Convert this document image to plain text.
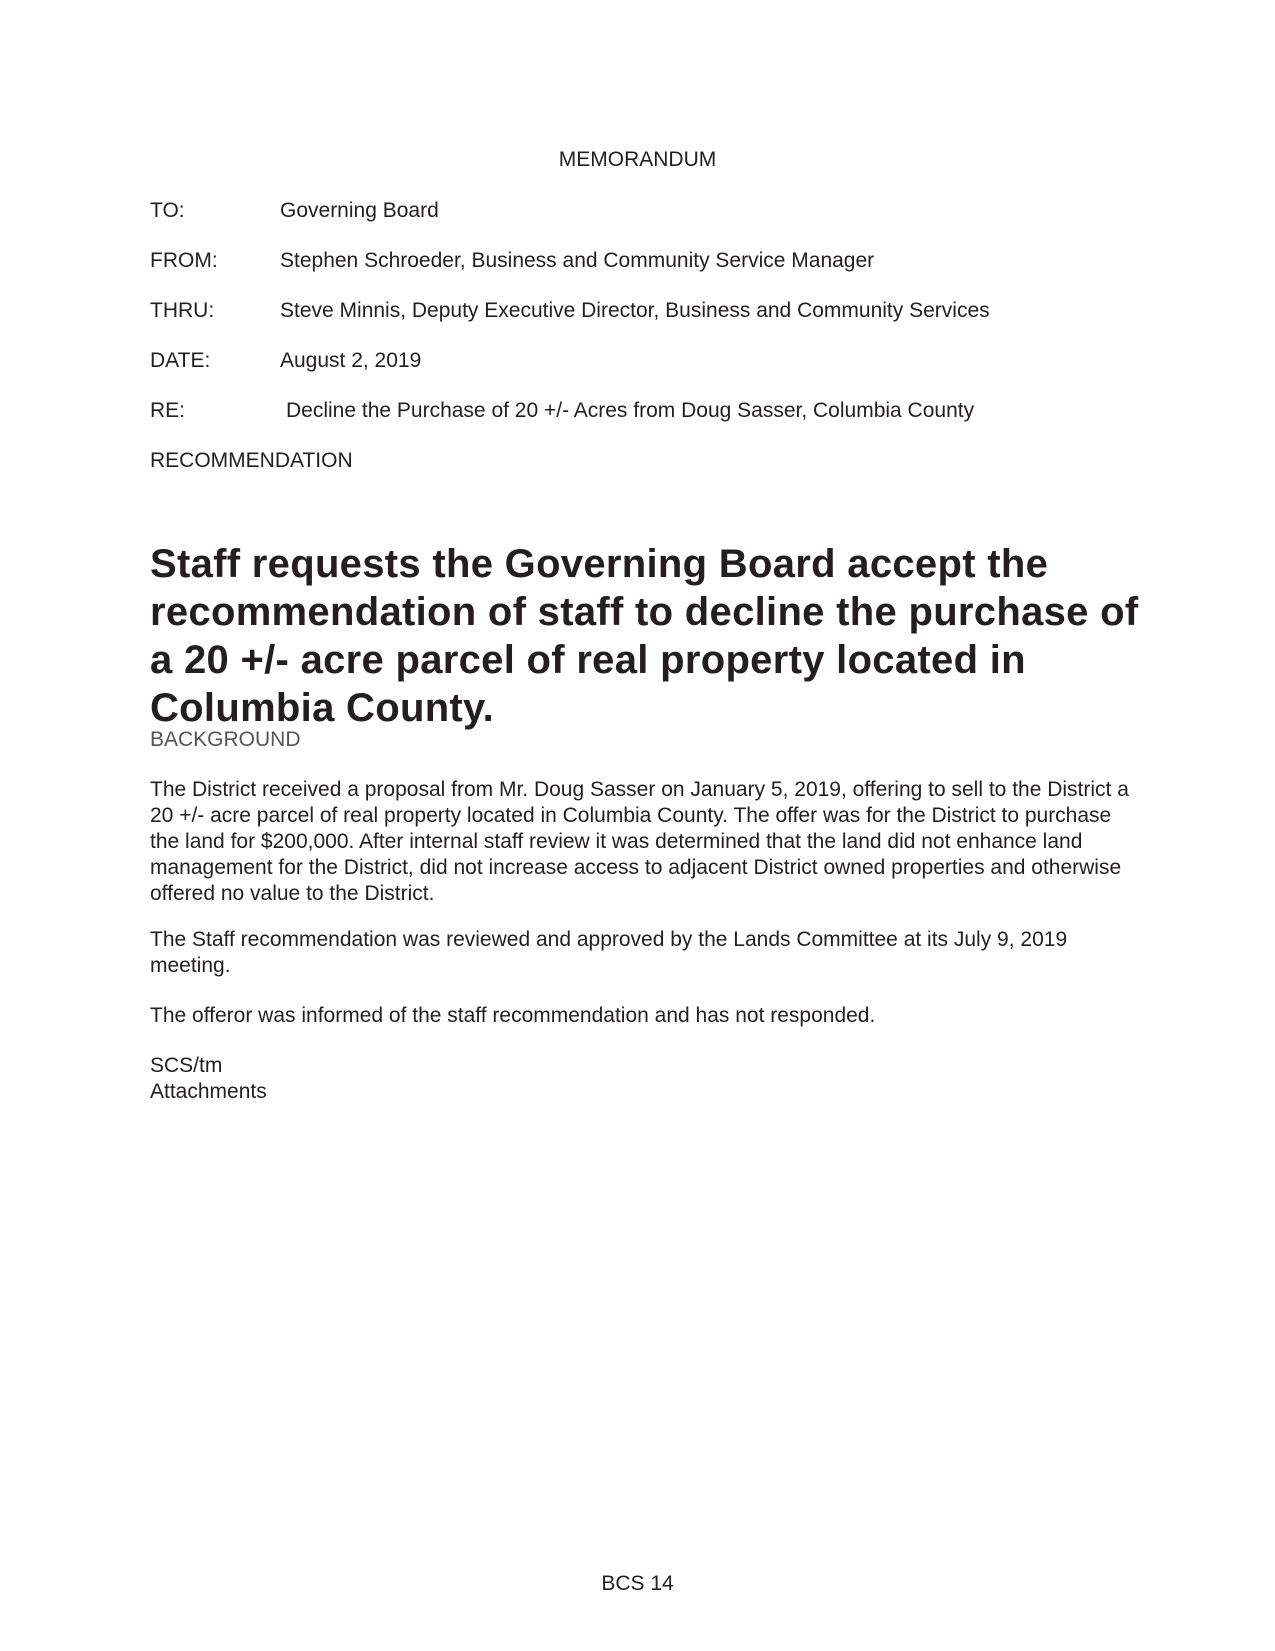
MEMORANDUM
TO:	Governing Board
FROM:	Stephen Schroeder, Business and Community Service Manager
THRU:	Steve Minnis, Deputy Executive Director, Business and Community Services
DATE:	August 2, 2019
RE:	Decline the Purchase of 20 +/- Acres from Doug Sasser, Columbia County
RECOMMENDATION

Staff requests the Governing Board accept the recommendation of staff to decline the purchase of a 20 +/- acre parcel of real property located in Columbia County.

BACKGROUND

The District received a proposal from Mr. Doug Sasser on January 5, 2019, offering to sell to the District a 20 +/- acre parcel of real property located in Columbia County. The offer was for the District to purchase the land for $200,000. After internal staff review it was determined that the land did not enhance land management for the District, did not increase access to adjacent District owned properties and otherwise offered no value to the District.

The Staff recommendation was reviewed and approved by the Lands Committee at its July 9, 2019 meeting.

The offeror was informed of the staff recommendation and has not responded.

SCS/tm
Attachments
BCS 14
